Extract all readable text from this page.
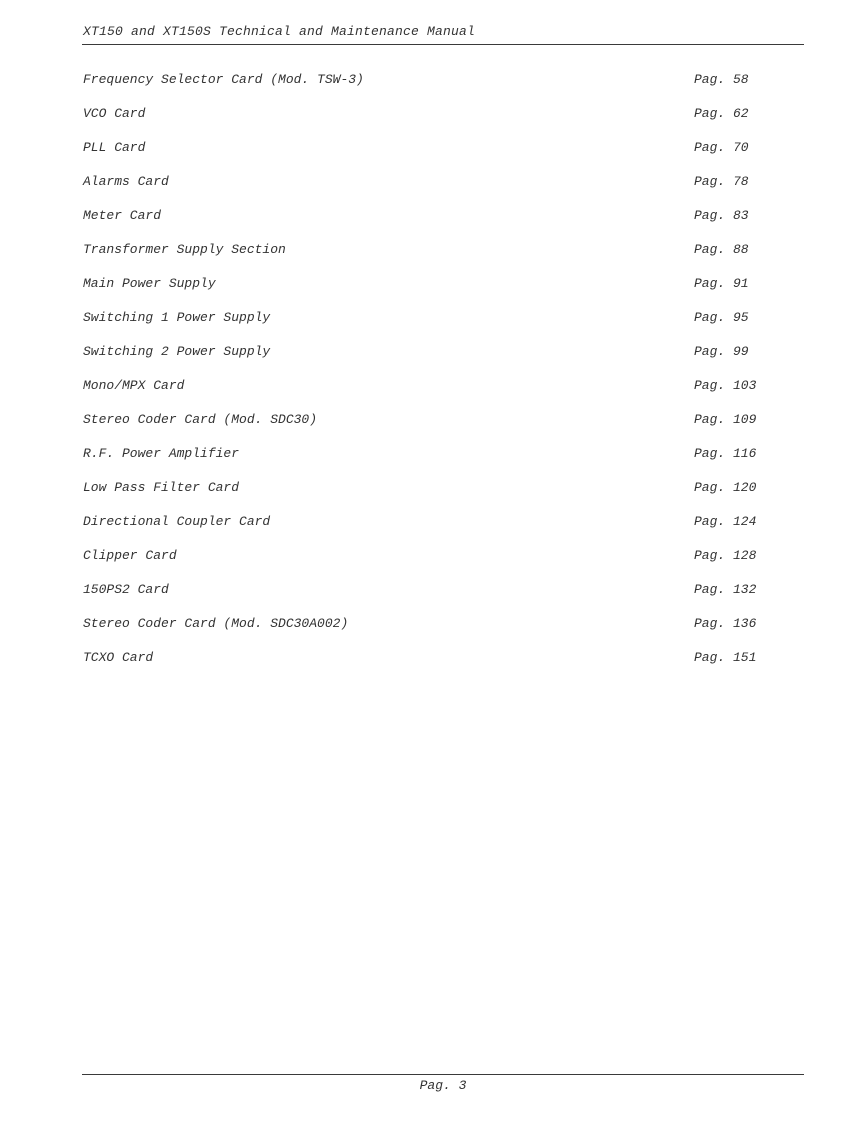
XT150 and XT150S Technical and Maintenance Manual
Frequency Selector Card (Mod. TSW-3)	Pag. 58
VCO Card	Pag. 62
PLL Card	Pag. 70
Alarms Card	Pag. 78
Meter Card	Pag. 83
Transformer Supply Section	Pag. 88
Main Power Supply	Pag. 91
Switching 1 Power Supply	Pag. 95
Switching 2 Power Supply	Pag. 99
Mono/MPX Card	Pag. 103
Stereo Coder Card (Mod. SDC30)	Pag. 109
R.F. Power Amplifier	Pag. 116
Low Pass Filter Card	Pag. 120
Directional Coupler Card	Pag. 124
Clipper Card	Pag. 128
150PS2 Card	Pag. 132
Stereo Coder Card (Mod. SDC30A002)	Pag. 136
TCXO Card	Pag. 151
Pag. 3
